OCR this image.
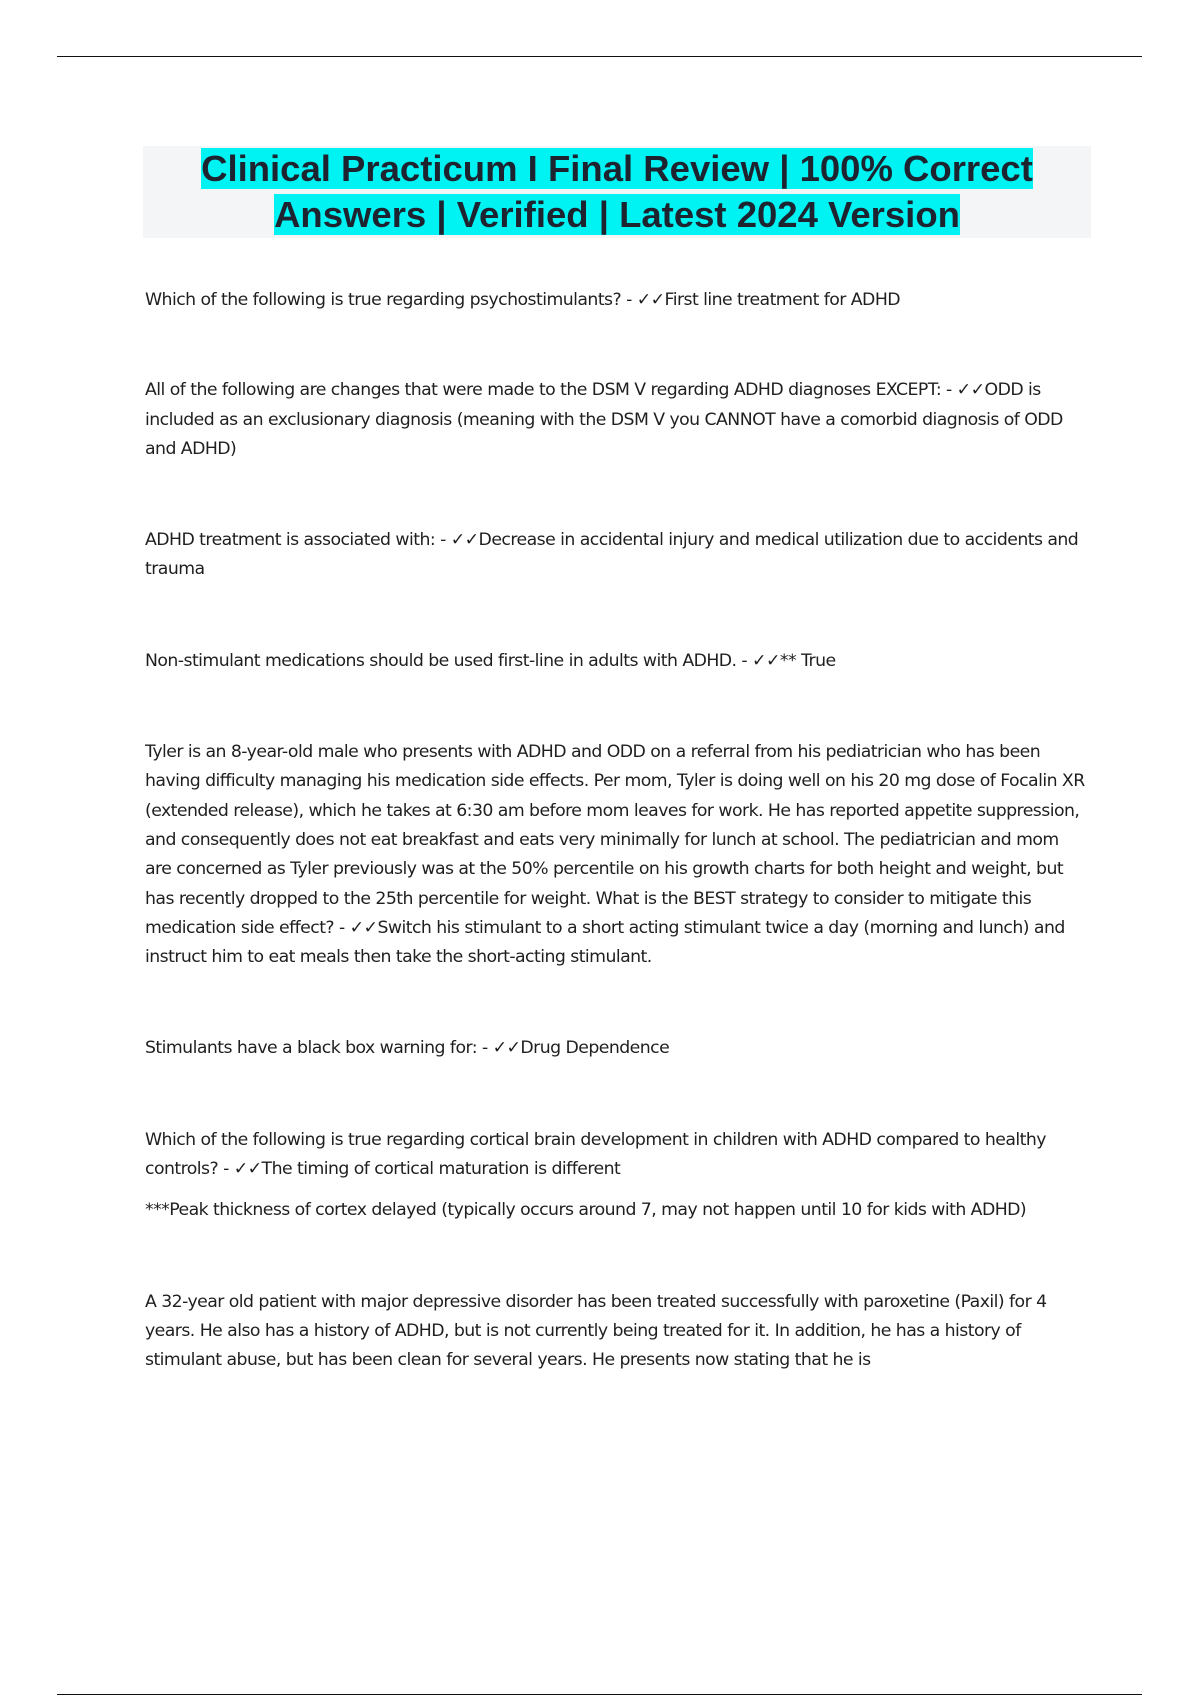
Clinical Practicum I Final Review | 100% Correct
Answers | Verified | Latest 2024 Version

Which of the following is true regarding psychostimulants? - ✓✓First line treatment for ADHD

All of the following are changes that were made to the DSM V regarding ADHD diagnoses EXCEPT: - ✓✓ODD is included as an exclusionary diagnosis (meaning with the DSM V you CANNOT have a comorbid diagnosis of ODD and ADHD)

ADHD treatment is associated with: - ✓✓Decrease in accidental injury and medical utilization due to accidents and trauma

Non-stimulant medications should be used first-line in adults with ADHD. - ✓✓** True

Tyler is an 8-year-old male who presents with ADHD and ODD on a referral from his pediatrician who has been having difficulty managing his medication side effects. Per mom, Tyler is doing well on his 20 mg dose of Focalin XR (extended release), which he takes at 6:30 am before mom leaves for work. He has reported appetite suppression, and consequently does not eat breakfast and eats very minimally for lunch at school. The pediatrician and mom are concerned as Tyler previously was at the 50% percentile on his growth charts for both height and weight, but has recently dropped to the 25th percentile for weight. What is the BEST strategy to consider to mitigate this medication side effect? - ✓✓Switch his stimulant to a short acting stimulant twice a day (morning and lunch) and instruct him to eat meals then take the short-acting stimulant.

Stimulants have a black box warning for: - ✓✓Drug Dependence

Which of the following is true regarding cortical brain development in children with ADHD compared to healthy controls? - ✓✓The timing of cortical maturation is different

***Peak thickness of cortex delayed (typically occurs around 7, may not happen until 10 for kids with ADHD)

A 32-year old patient with major depressive disorder has been treated successfully with paroxetine (Paxil) for 4 years. He also has a history of ADHD, but is not currently being treated for it. In addition, he has a history of stimulant abuse, but has been clean for several years. He presents now stating that he is
